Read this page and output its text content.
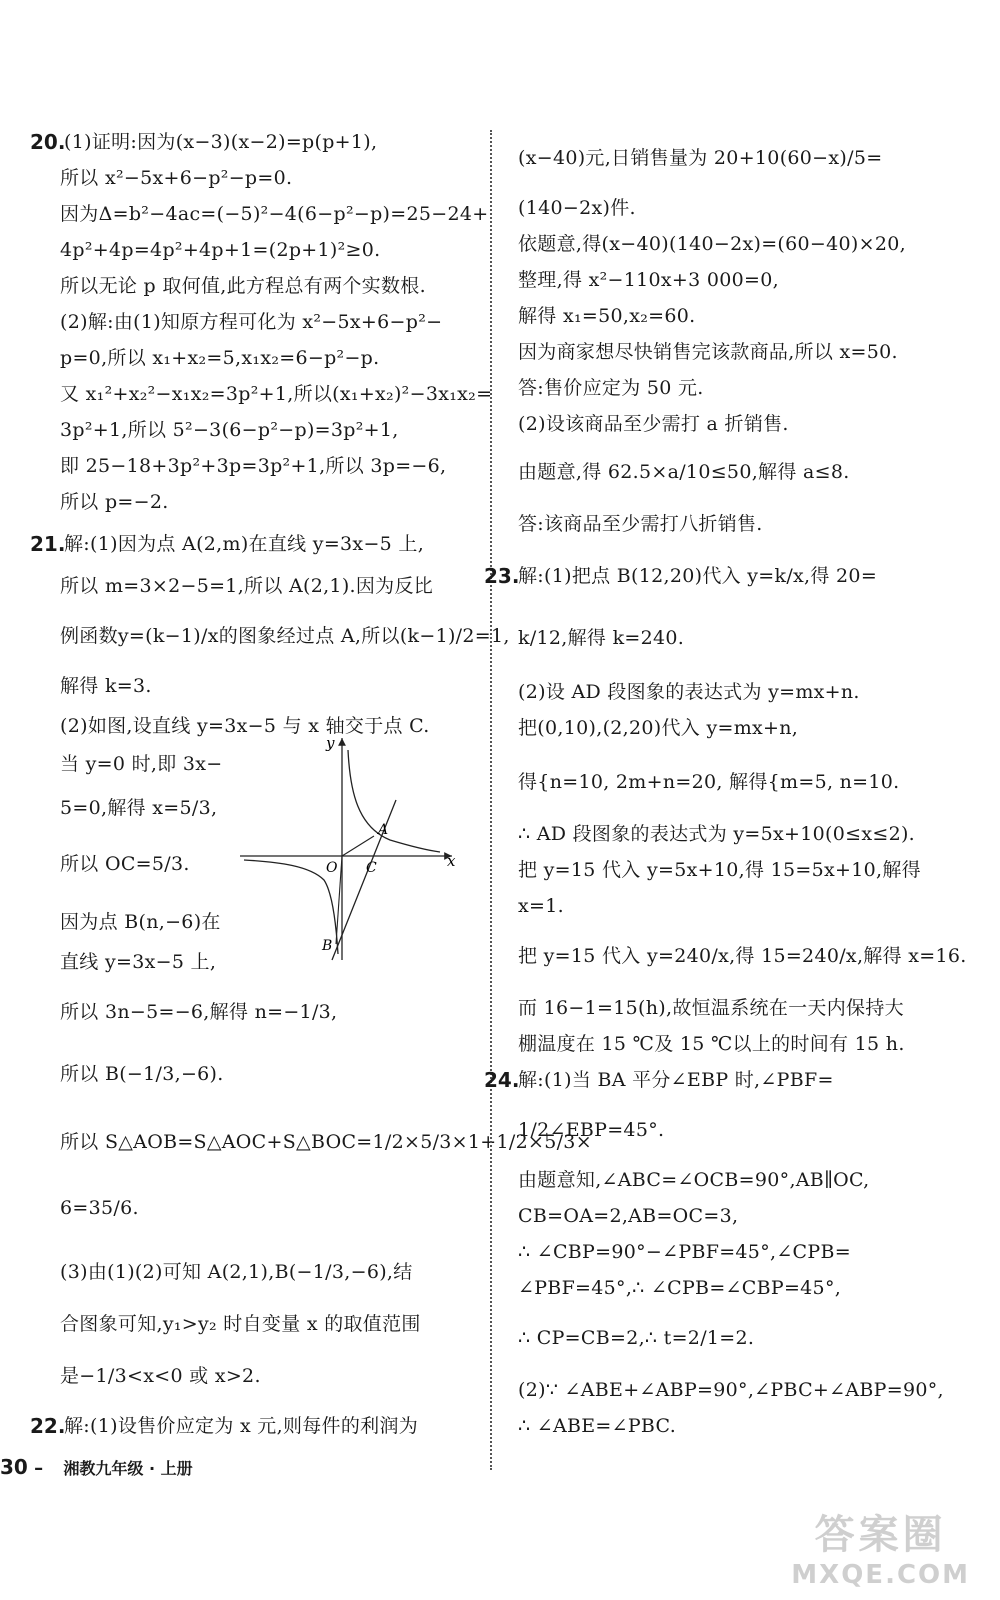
20.
(1)证明:因为(x−3)(x−2)=p(p+1),
所以 x²−5x+6−p²−p=0.
因为Δ=b²−4ac=(−5)²−4(6−p²−p)=25−24+
4p²+4p=4p²+4p+1=(2p+1)²≥0.
所以无论 p 取何值,此方程总有两个实数根.
(2)解:由(1)知原方程可化为 x²−5x+6−p²−
p=0,所以 x₁+x₂=5,x₁x₂=6−p²−p.
又 x₁²+x₂²−x₁x₂=3p²+1,所以(x₁+x₂)²−3x₁x₂=
3p²+1,所以 5²−3(6−p²−p)=3p²+1,
即 25−18+3p²+3p=3p²+1,所以 3p=−6,
所以 p=−2.
21.
解:(1)因为点 A(2,m)在直线 y=3x−5 上,
所以 m=3×2−5=1,所以 A(2,1).因为反比
例函数y=(k−1)/x的图象经过点 A,所以(k−1)/2=1,
解得 k=3.
(2)如图,设直线 y=3x−5 与 x 轴交于点 C.
当 y=0 时,即 3x−
5=0,解得 x=5/3,
所以 OC=5/3.
因为点 B(n,−6)在
直线 y=3x−5 上,
所以 3n−5=−6,解得 n=−1/3,
所以 B(−1/3,−6).
所以 S△AOB=S△AOC+S△BOC=1/2×5/3×1+1/2×5/3×
6=35/6.
(3)由(1)(2)可知 A(2,1),B(−1/3,−6),结
合图象可知,y₁>y₂ 时自变量 x 的取值范围
是−1/3<x<0 或 x>2.
22.
解:(1)设售价应定为 x 元,则每件的利润为
y
x
O C
A
B
(x−40)元,日销售量为 20+10(60−x)/5=
(140−2x)件.
依题意,得(x−40)(140−2x)=(60−40)×20,
整理,得 x²−110x+3 000=0,
解得 x₁=50,x₂=60.
因为商家想尽快销售完该款商品,所以 x=50.
答:售价应定为 50 元.
(2)设该商品至少需打 a 折销售.
由题意,得 62.5×a/10≤50,解得 a≤8.
答:该商品至少需打八折销售.
23.
解:(1)把点 B(12,20)代入 y=k/x,得 20=
k/12,解得 k=240.
(2)设 AD 段图象的表达式为 y=mx+n.
把(0,10),(2,20)代入 y=mx+n,
得{n=10, 2m+n=20, 解得{m=5, n=10.
∴ AD 段图象的表达式为 y=5x+10(0≤x≤2).
把 y=15 代入 y=5x+10,得 15=5x+10,解得
x=1.
把 y=15 代入 y=240/x,得 15=240/x,解得 x=16.
而 16−1=15(h),故恒温系统在一天内保持大
棚温度在 15 ℃及 15 ℃以上的时间有 15 h.
24.
解:(1)当 BA 平分∠EBP 时,∠PBF=
1/2∠EBP=45°.
由题意知,∠ABC=∠OCB=90°,AB∥OC,
CB=OA=2,AB=OC=3,
∴ ∠CBP=90°−∠PBF=45°,∠CPB=
∠PBF=45°,∴ ∠CPB=∠CBP=45°,
∴ CP=CB=2,∴ t=2/1=2.
(2)∵ ∠ABE+∠ABP=90°,∠PBC+∠ABP=90°,
∴ ∠ABE=∠PBC.
30 – 湘教九年级 · 上册
答案圈
MXQE.COM
